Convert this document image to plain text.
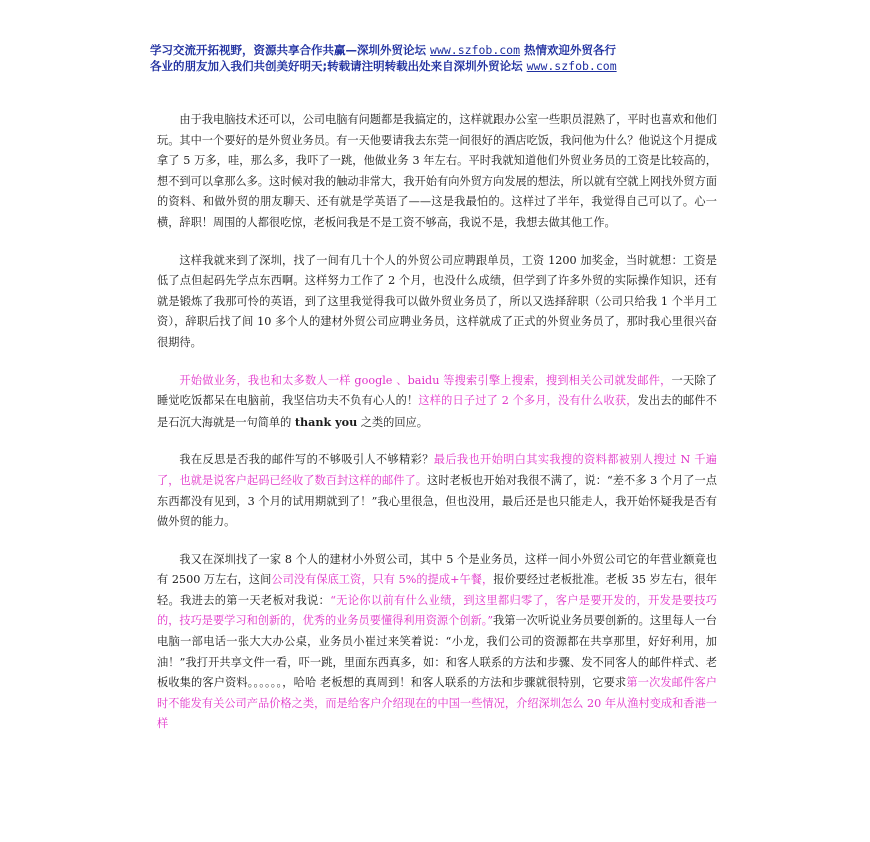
学习交流开拓视野，资源共享合作共赢—深圳外贸论坛 www.szfob.com 热情欢迎外贸各行
各业的朋友加入我们共创美好明天;转载请注明转载出处来自深圳外贸论坛 www.szfob.com

由于我电脑技术还可以，公司电脑有问题都是我搞定的，这样就跟办公室一些职员混熟了，平时也喜欢和他们玩。其中一个要好的是外贸业务员。有一天他要请我去东莞一间很好的酒店吃饭，我问他为什么？他说这个月提成拿了 5 万多，哇，那么多，我吓了一跳，他做业务 3 年左右。平时我就知道他们外贸业务员的工资是比较高的，想不到可以拿那么多。这时候对我的触动非常大，我开始有向外贸方向发展的想法，所以就有空就上网找外贸方面的资料、和做外贸的朋友聊天、还有就是学英语了——这是我最怕的。这样过了半年，我觉得自己可以了。心一横，辞职！周围的人都很吃惊，老板问我是不是工资不够高，我说不是，我想去做其他工作。

这样我就来到了深圳，找了一间有几十个人的外贸公司应聘跟单员，工资 1200 加奖金，当时就想：工资是低了点但起码先学点东西啊。这样努力工作了 2 个月，也没什么成绩，但学到了许多外贸的实际操作知识，还有就是锻炼了我那可怜的英语，到了这里我觉得我可以做外贸业务员了，所以又选择辞职（公司只给我 1 个半月工资），辞职后找了间 10 多个人的建材外贸公司应聘业务员，这样就成了正式的外贸业务员了，那时我心里很兴奋很期待。

开始做业务，我也和太多数人一样 google 、baidu 等搜索引擎上搜索，搜到相关公司就发邮件，一天除了睡觉吃饭都呆在电脑前，我坚信功夫不负有心人的！这样的日子过了 2 个多月，没有什么收获，发出去的邮件不是石沉大海就是一句简单的 thank you 之类的回应。

我在反思是否我的邮件写的不够吸引人不够精彩？最后我也开始明白其实我搜的资料都被别人搜过 N 千遍了，也就是说客户起码已经收了数百封这样的邮件了。这时老板也开始对我很不满了，说：“差不多 3 个月了一点东西都没有见到，3 个月的试用期就到了！”我心里很急，但也没用，最后还是也只能走人，我开始怀疑我是否有做外贸的能力。

我又在深圳找了一家 8 个人的建材小外贸公司，其中 5 个是业务员，这样一间小外贸公司它的年营业额竟也有 2500 万左右，这间公司没有保底工资，只有 5%的提成+午餐，报价要经过老板批准。老板 35 岁左右，很年轻。我进去的第一天老板对我说：“无论你以前有什么业绩，到这里都归零了，客户是要开发的，开发是要技巧的，技巧是要学习和创新的，优秀的业务员要懂得利用资源个创新。”我第一次听说业务员要创新的。这里每人一台电脑一部电话一张大大办公桌，业务员小崔过来笑着说：“小龙，我们公司的资源都在共享那里，好好利用，加油！”我打开共享文件一看，吓一跳，里面东西真多，如：和客人联系的方法和步骤、发不同客人的邮件样式、老板收集的客户资料。。。。。。，哈哈 老板想的真周到！和客人联系的方法和步骤就很特别，它要求第一次发邮件客户时不能发有关公司产品价格之类，而是给客户介绍现在的中国一些情况，介绍深圳怎么 20 年从渔村变成和香港一样
